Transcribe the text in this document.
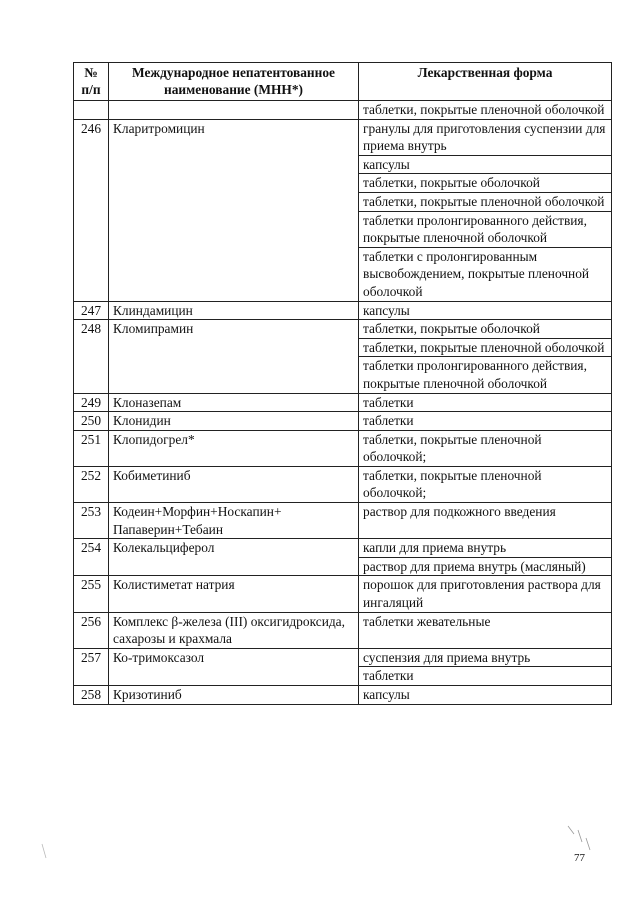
№ п/п	Международное непатентованное наименование (МНН*)	Лекарственная форма
		таблетки, покрытые пленочной оболочкой
246	Кларитромицин	гранулы для приготовления суспензии для приема внутрь
		капсулы
		таблетки, покрытые оболочкой
		таблетки, покрытые пленочной оболочкой
		таблетки пролонгированного действия, покрытые пленочной оболочкой
		таблетки с пролонгированным высвобождением, покрытые пленочной оболочкой
247	Клиндамицин	капсулы
248	Кломипрамин	таблетки, покрытые оболочкой
		таблетки, покрытые пленочной оболочкой
		таблетки пролонгированного действия, покрытые пленочной оболочкой
249	Клоназепам	таблетки
250	Клонидин	таблетки
251	Клопидогрел*	таблетки, покрытые пленочной оболочкой;
252	Кобиметиниб	таблетки, покрытые пленочной оболочкой;
253	Кодеин+Морфин+Носкапин+ Папаверин+Тебаин	раствор для подкожного введения
254	Колекальциферол	капли для приема внутрь
		раствор для приема внутрь (масляный)
255	Колистиметат натрия	порошок для приготовления раствора для ингаляций
256	Комплекс β-железа (III) оксигидроксида, сахарозы и крахмала	таблетки жевательные
257	Ко-тримоксазол	суспензия для приема внутрь
		таблетки
258	Кризотиниб	капсулы
77
